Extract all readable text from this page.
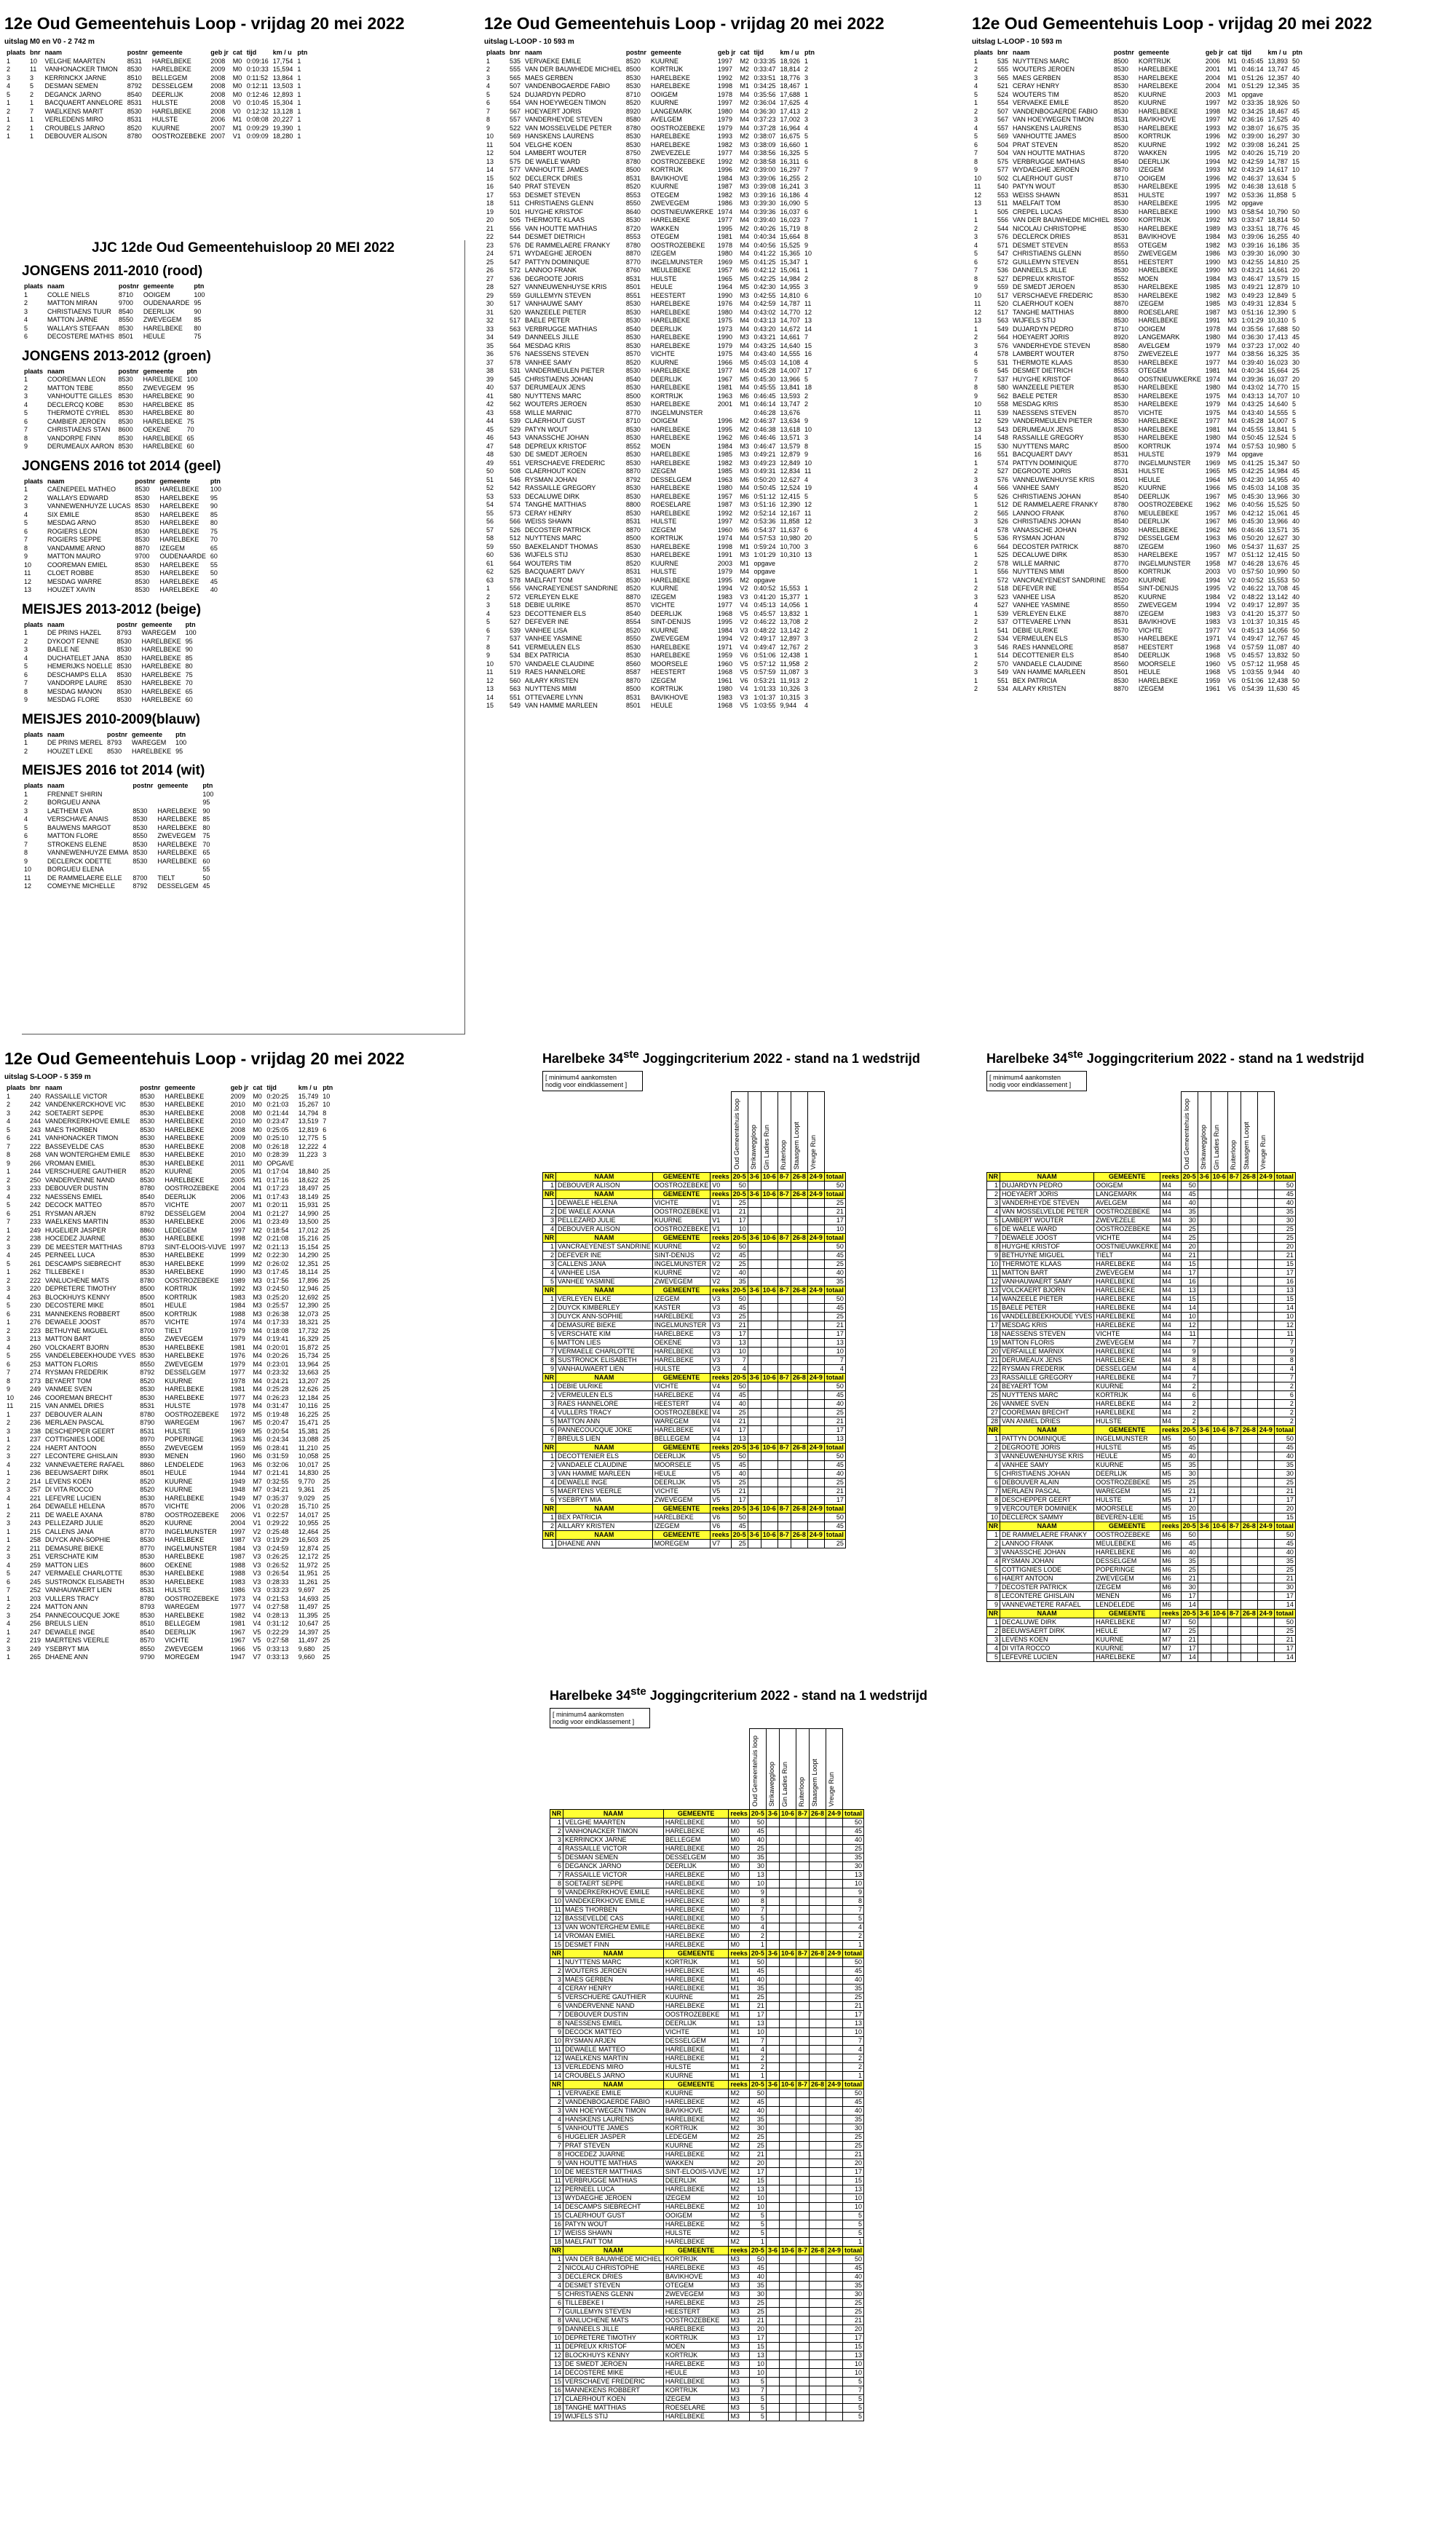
12e Oud Gemeentehuis Loop - vrijdag 20 mei 2022
uitslag M0 en V0 - 2 742 m
plaats	bnr	naam	postnr	gemeente	geb jr	cat	tijd	km / u	ptn
1	10	VELGHE MAARTEN	8531	HARELBEKE	2008	M0	0:09:16	17,754	1
2	11	VANHONACKER TIMON	8530	HARELBEKE	2009	M0	0:10:33	15,594	1
3	3	KERRINCKX JARNE	8510	BELLEGEM	2008	M0	0:11:52	13,864	1
4	5	DESMAN SEMEN	8792	DESSELGEM	2008	M0	0:12:11	13,503	1
5	2	DEGANCK JARNO	8540	DEERLIJK	2008	M0	0:12:46	12,893	1
1	1	BACQUAERT ANNELORE	8531	HULSTE	2008	V0	0:10:45	15,304	1
2	7	WAELKENS MARIT	8530	HARELBEKE	2008	V0	0:12:32	13,128	1
1	1	VERLEDENS MIRO	8531	HULSTE	2006	M1	0:08:08	20,227	1
2	1	CROUBELS JARNO	8520	KUURNE	2007	M1	0:09:29	19,390	1
1	1	DEBOUVER ALISON	8780	OOSTROZEBEKE	2007	V1	0:09:09	18,280	1
JJC 12de Oud Gemeentehuisloop 20 MEI 2022
JONGENS 2011-2010 (rood)
plaats	naam	postnr	gemeente	ptn
1	COLLE NIELS	8710	OOIGEM	100
2	MATTON MIRAN	9700	OUDENAARDE	95
3	CHRISTIAENS TUUR	8540	DEERLIJK	90
4	MATTON JARNE	8550	ZWEVEGEM	85
5	WALLAYS STEFAAN	8530	HARELBEKE	80
6	DECOSTERE MATHIS	8501	HEULE	75
JONGENS 2013-2012 (groen)
plaats	naam	postnr	gemeente	ptn
1	COOREMAN LEON	8530	HARELBEKE	100
2	MATTON TEBE	8550	ZWEVEGEM	95
3	VANHOUTTE GILLES	8530	HARELBEKE	90
4	DECLERCQ KOBE	8530	HARELBEKE	85
5	THERMOTE CYRIEL	8530	HARELBEKE	80
6	CAMBIER JEROEN	8530	HARELBEKE	75
7	CHRISTIAENS STAN	8600	OEKENE	70
8	VANDORPE FINN	8530	HARELBEKE	65
9	DERUMEAUX AARON	8530	HARELBEKE	60
JONGENS 2016 tot 2014 (geel)
plaats	naam	postnr	gemeente	ptn
1	CAENEPEEL MATHEO	8530	HARELBEKE	100
2	WALLAYS EDWARD	8530	HARELBEKE	95
3	VANNEWENHUYZE LUCAS	8530	HARELBEKE	90
4	SIX EMILE	8530	HARELBEKE	85
5	MESDAG ARNO	8530	HARELBEKE	80
6	ROGIERS LEON	8530	HARELBEKE	75
7	ROGIERS SEPPE	8530	HARELBEKE	70
8	VANDAMME ARNO	8870	IZEGEM	65
9	MATTON MAURO	9700	OUDENAARDE	60
10	COOREMAN EMIEL	8530	HARELBEKE	55
11	CLOET ROBBE	8530	HARELBEKE	50
12	MESDAG WARRE	8530	HARELBEKE	45
13	HOUZET XAVIN	8530	HARELBEKE	40
MEISJES 2013-2012 (beige)
plaats	naam	postnr	gemeente	ptn
1	DE PRINS HAZEL	8793	WAREGEM	100
2	DYKOOT FENNE	8530	HARELBEKE	95
3	BAELE NE	8530	HARELBEKE	90
4	DUCHATELET JANA	8530	HARELBEKE	85
5	HEMERIJKS NOELLE	8530	HARELBEKE	80
6	DESCHAMPS ELLA	8530	HARELBEKE	75
7	VANDORPE LAURE	8530	HARELBEKE	70
8	MESDAG MANON	8530	HARELBEKE	65
9	MESDAG FLORE	8530	HARELBEKE	60
MEISJES 2010-2009(blauw)
plaats	naam	postnr	gemeente	ptn
1	DE PRINS MEREL	8793	WAREGEM	100
2	HOUZET LEKE	8530	HARELBEKE	95
MEISJES 2016 tot 2014 (wit)
plaats	naam	postnr	gemeente	ptn
1	FRENNET SHIRIN			100
2	BORGUEU ANNA			95
3	LAETHEM EVA	8530	HARELBEKE	90
4	VERSCHAVE ANAIS	8530	HARELBEKE	85
5	BAUWENS MARGOT	8530	HARELBEKE	80
6	MATTON FLORE	8550	ZWEVEGEM	75
7	STROKENS ELENE	8530	HARELBEKE	70
8	VANNEWENHUYZE EMMA	8530	HARELBEKE	65
9	DECLERCK ODETTE	8530	HARELBEKE	60
10	BORGUEU ELENA			55
11	DE RAMMELAERE ELLE	8700	TIELT	50
12	COMEYNE MICHELLE	8792	DESSELGEM	45
12e Oud Gemeentehuis Loop - vrijdag 20 mei 2022
uitslag L-LOOP - 10 593 m
plaats	bnr	naam	postnr	gemeente	geb jr	cat	tijd	km / u	ptn
1	535	VERVAEKE EMILE	8520	KUURNE	1997	M2	0:33:35	18,926	1
2	555	VAN DER BAUWHEDE MICHIEL	8500	KORTRIJK	1997	M2	0:33:47	18,814	2
3	565	MAES GERBEN	8530	HARELBEKE	1992	M2	0:33:51	18,776	3
4	507	VANDENBOGAERDE FABIO	8530	HARELBEKE	1998	M1	0:34:25	18,467	1
5	524	DUJARDYN PEDRO	8710	OOIGEM	1978	M4	0:35:56	17,688	1
6	554	VAN HOEYWEGEN TIMON	8520	KUURNE	1997	M2	0:36:04	17,625	4
7	567	HOEYAERT JORIS	8920	LANGEMARK	1980	M4	0:36:30	17,413	2
8	557	VANDERHEYDE STEVEN	8580	AVELGEM	1979	M4	0:37:23	17,002	3
9	522	VAN MOSSELVELDE PETER	8780	OOSTROZEBEKE	1979	M4	0:37:28	16,964	4
10	569	HANSKENS LAURENS	8530	HARELBEKE	1993	M2	0:38:07	16,675	5
11	504	VELGHE KOEN	8530	HARELBEKE	1982	M3	0:38:09	16,660	1
12	504	LAMBERT WOUTER	8750	ZWEVEZELE	1977	M4	0:38:56	16,325	5
13	575	DE WAELE WARD	8780	OOSTROZEBEKE	1992	M2	0:38:58	16,311	6
14	577	VANHOUTTE JAMES	8500	KORTRIJK	1996	M2	0:39:00	16,297	7
15	502	DECLERCK DRIES	8531	BAVIKHOVE	1984	M3	0:39:06	16,255	2
16	540	PRAT STEVEN	8520	KUURNE	1987	M3	0:39:08	16,241	3
17	553	DESMET STEVEN	8553	OTEGEM	1982	M3	0:39:16	16,186	4
18	511	CHRISTIAENS GLENN	8550	ZWEVEGEM	1986	M3	0:39:30	16,090	5
19	501	HUYGHE KRISTOF	8640	OOSTNIEUWKERKE	1974	M4	0:39:36	16,037	6
20	505	THERMOTE KLAAS	8530	HARELBEKE	1977	M4	0:39:40	16,023	7
21	556	VAN HOUTTE MATHIAS	8720	WAKKEN	1995	M2	0:40:26	15,719	8
22	544	DESMET DIETRICH	8553	OTEGEM	1981	M4	0:40:34	15,664	8
23	576	DE RAMMELAERE FRANKY	8780	OOSTROZEBEKE	1978	M4	0:40:56	15,525	9
24	571	WYDAEGHE JEROEN	8870	IZEGEM	1980	M4	0:41:22	15,365	10
25	547	PATTYN DOMINIQUE	8770	INGELMUNSTER	1969	M5	0:41:25	15,347	1
26	572	LANNOO FRANK	8760	MEULEBEKE	1957	M6	0:42:12	15,061	1
27	536	DEGROOTE JORIS	8531	HULSTE	1965	M5	0:42:25	14,984	2
28	527	VANNEUWENHUYSE KRIS	8501	HEULE	1964	M5	0:42:30	14,955	3
29	559	GUILLEMYN STEVEN	8551	HEESTERT	1990	M3	0:42:55	14,810	6
30	517	VANHAUWE SAMY	8530	HARELBEKE	1976	M4	0:42:59	14,787	11
31	520	WANZEELE PIETER	8530	HARELBEKE	1980	M4	0:43:02	14,770	12
32	517	BAELE PETER	8530	HARELBEKE	1975	M4	0:43:13	14,707	13
33	563	VERBRUGGE MATHIAS	8540	DEERLIJK	1973	M4	0:43:20	14,672	14
34	549	DANNEELS JILLE	8530	HARELBEKE	1990	M3	0:43:21	14,661	7
35	564	MESDAG KRIS	8530	HARELBEKE	1979	M4	0:43:25	14,640	15
36	576	NAESSENS STEVEN	8570	VICHTE	1975	M4	0:43:40	14,555	16
37	578	VANHEE SAMY	8520	KUURNE	1966	M5	0:45:03	14,108	4
38	531	VANDERMEULEN PIETER	8530	HARELBEKE	1977	M4	0:45:28	14,007	17
39	545	CHRISTIAENS JOHAN	8540	DEERLIJK	1967	M5	0:45:30	13,966	5
40	537	DERUMEAUX JENS	8530	HARELBEKE	1981	M4	0:45:55	13,841	18
41	580	NUYTTENS MARC	8500	KORTRIJK	1963	M6	0:46:45	13,593	2
42	562	WOUTERS JEROEN	8530	HARELBEKE	2001	M1	0:46:14	13,747	2
43	558	WILLE MARNIC	8770	INGELMUNSTER			0:46:28	13,676	
44	539	CLAERHOUT GUST	8710	OOIGEM	1996	M2	0:46:37	13,634	9
45	529	PATYN WOUT	8530	HARELBEKE	1995	M2	0:46:38	13,618	10
46	543	VANASSCHE JOHAN	8530	HARELBEKE	1962	M6	0:46:46	13,571	3
47	548	DEPREUX KRISTOF	8552	MOEN	1984	M3	0:46:47	13,579	8
48	530	DE SMEDT JEROEN	8530	HARELBEKE	1985	M3	0:49:21	12,879	9
49	551	VERSCHAEVE FREDERIC	8530	HARELBEKE	1982	M3	0:49:23	12,849	10
50	508	CLAERHOUT KOEN	8870	IZEGEM	1985	M3	0:49:31	12,834	11
51	546	RYSMAN JOHAN	8792	DESSELGEM	1963	M6	0:50:20	12,627	4
52	542	RASSAILLE GREGORY	8530	HARELBEKE	1980	M4	0:50:45	12,524	19
53	533	DECALUWE DIRK	8530	HARELBEKE	1957	M6	0:51:12	12,415	5
54	574	TANGHE MATTHIAS	8800	ROESELARE	1987	M3	0:51:16	12,390	12
55	573	CERAY HENRY	8530	HARELBEKE	1992	M2	0:52:14	12,167	11
56	566	WEISS SHAWN	8531	HULSTE	1997	M2	0:53:36	11,858	12
57	526	DECOSTER PATRICK	8870	IZEGEM	1960	M6	0:54:37	11,637	6
58	512	NUYTTENS MARC	8500	KORTRIJK	1974	M4	0:57:53	10,980	20
59	550	BAEKELANDT THOMAS	8530	HARELBEKE	1998	M1	0:59:24	10,700	3
60	536	WIJFELS STIJ	8530	HARELBEKE	1991	M3	1:01:29	10,310	13
61	564	WOUTERS TIM	8520	KUURNE	2003	M1	opgave		
62	525	BACQUAERT DAVY	8531	HULSTE	1979	M4	opgave		
63	578	MAELFAIT TOM	8530	HARELBEKE	1995	M2	opgave		
1	556	VANCRAEYENEST SANDRINE	8520	KUURNE	1994	V2	0:40:52	15,553	1
2	572	VERLEYEN ELKE	8870	IZEGEM	1983	V3	0:41:20	15,377	1
3	518	DEBIE ULRIKE	8570	VICHTE	1977	V4	0:45:13	14,056	1
4	523	DECOTTENIER ELS	8540	DEERLIJK	1968	V5	0:45:57	13,832	1
5	527	DEFEVER INE	8554	SINT-DENIJS	1995	V2	0:46:22	13,708	2
6	539	VANHEE LISA	8520	KUURNE	1984	V3	0:48:22	13,142	2
7	537	VANHEE YASMINE	8550	ZWEVEGEM	1994	V2	0:49:17	12,897	3
8	541	VERMEULEN ELS	8530	HARELBEKE	1971	V4	0:49:47	12,767	2
9	534	BEX PATRICIA	8530	HARELBEKE	1959	V6	0:51:06	12,438	1
10	570	VANDAELE CLAUDINE	8560	MOORSELE	1960	V5	0:57:12	11,958	2
11	519	RAES HANNELORE	8587	HEESTERT	1968	V5	0:57:59	11,087	3
12	560	AILARY KRISTEN	8870	IZEGEM	1961	V6	0:53:21	11,913	2
13	563	NUYTTENS MIMI	8500	KORTRIJK	1980	V4	1:01:33	10,326	3
14	551	OTTEVAERE LYNN	8531	BAVIKHOVE	1983	V3	1:01:37	10,315	3
15	549	VAN HAMME MARLEEN	8501	HEULE	1968	V5	1:03:55	9,944	4
12e Oud Gemeentehuis Loop - vrijdag 20 mei 2022
uitslag L-LOOP - 10 593 m
plaats	bnr	naam	postnr	gemeente	geb jr	cat	tijd	km / u	ptn
1	535	NUYTTENS MARC	8500	KORTRIJK	2006	M1	0:45:45	13,893	50
2	555	WOUTERS JEROEN	8530	HARELBEKE	2001	M1	0:46:14	13,747	45
3	565	MAES GERBEN	8530	HARELBEKE	2004	M1	0:51:26	12,357	40
4	521	CERAY HENRY	8530	HARELBEKE	2004	M1	0:51:29	12,345	35
5	524	WOUTERS TIM	8520	KUURNE	2003	M1	opgave		
1	554	VERVAEKE EMILE	8520	KUURNE	1997	M2	0:33:35	18,926	50
2	507	VANDENBOGAERDE FABIO	8530	HARELBEKE	1998	M2	0:34:25	18,467	45
3	567	VAN HOEYWEGEN TIMON	8531	BAVIKHOVE	1997	M2	0:36:16	17,525	40
4	557	HANSKENS LAURENS	8530	HARELBEKE	1993	M2	0:38:07	16,675	35
5	569	VANHOUTTE JAMES	8500	KORTRIJK	1996	M2	0:39:00	16,297	30
6	504	PRAT STEVEN	8520	KUURNE	1992	M2	0:39:08	16,241	25
7	504	VAN HOUTTE MATHIAS	8720	WAKKEN	1995	M2	0:40:26	15,719	20
8	575	VERBRUGGE MATHIAS	8540	DEERLIJK	1994	M2	0:42:59	14,787	15
9	577	WYDAEGHE JEROEN	8870	IZEGEM	1993	M2	0:43:29	14,617	10
10	502	CLAERHOUT GUST	8710	OOIGEM	1996	M2	0:46:37	13,634	5
11	540	PATYN WOUT	8530	HARELBEKE	1995	M2	0:46:38	13,618	5
12	553	WEISS SHAWN	8531	HULSTE	1997	M2	0:53:36	11,858	5
13	511	MAELFAIT TOM	8530	HARELBEKE	1995	M2	opgave		
1	505	CREPEL LUCAS	8530	HARELBEKE	1990	M3	0:58:54	10,790	50
1	556	VAN DER BAUWHEDE MICHIEL	8500	KORTRIJK	1992	M3	0:33:47	18,814	50
2	544	NICOLAU CHRISTOPHE	8530	HARELBEKE	1989	M3	0:33:51	18,776	45
3	576	DECLERCK DRIES	8531	BAVIKHOVE	1984	M3	0:39:06	16,255	40
4	571	DESMET STEVEN	8553	OTEGEM	1982	M3	0:39:16	16,186	35
5	547	CHRISTIAENS GLENN	8550	ZWEVEGEM	1986	M3	0:39:30	16,090	30
6	572	GUILLEMYN STEVEN	8551	HEESTERT	1990	M3	0:42:55	14,810	25
7	536	DANNEELS JILLE	8530	HARELBEKE	1990	M3	0:43:21	14,661	20
8	527	DEPREUX KRISTOF	8552	MOEN	1984	M3	0:46:47	13,579	15
9	559	DE SMEDT JEROEN	8530	HARELBEKE	1985	M3	0:49:21	12,879	10
10	517	VERSCHAEVE FREDERIC	8530	HARELBEKE	1982	M3	0:49:23	12,849	5
11	520	CLAERHOUT KOEN	8870	IZEGEM	1985	M3	0:49:31	12,834	5
12	517	TANGHE MATTHIAS	8800	ROESELARE	1987	M3	0:51:16	12,390	5
13	563	WIJFELS STIJ	8530	HARELBEKE	1991	M3	1:01:29	10,310	5
1	549	DUJARDYN PEDRO	8710	OOIGEM	1978	M4	0:35:56	17,688	50
2	564	HOEYAERT JORIS	8920	LANGEMARK	1980	M4	0:36:30	17,413	45
3	576	VANDERHEYDE STEVEN	8580	AVELGEM	1979	M4	0:37:23	17,002	40
4	578	LAMBERT WOUTER	8750	ZWEVEZELE	1977	M4	0:38:56	16,325	35
5	531	THERMOTE KLAAS	8530	HARELBEKE	1977	M4	0:39:40	16,023	30
6	545	DESMET DIETRICH	8553	OTEGEM	1981	M4	0:40:34	15,664	25
7	537	HUYGHE KRISTOF	8640	OOSTNIEUWKERKE	1974	M4	0:39:36	16,037	20
8	580	WANZEELE PIETER	8530	HARELBEKE	1980	M4	0:43:02	14,770	15
9	562	BAELE PETER	8530	HARELBEKE	1975	M4	0:43:13	14,707	10
10	558	MESDAG KRIS	8530	HARELBEKE	1979	M4	0:43:25	14,640	5
11	539	NAESSENS STEVEN	8570	VICHTE	1975	M4	0:43:40	14,555	5
12	529	VANDERMEULEN PIETER	8530	HARELBEKE	1977	M4	0:45:28	14,007	5
13	543	DERUMEAUX JENS	8530	HARELBEKE	1981	M4	0:45:55	13,841	5
14	548	RASSAILLE GREGORY	8530	HARELBEKE	1980	M4	0:50:45	12,524	5
15	530	NUYTTENS MARC	8500	KORTRIJK	1974	M4	0:57:53	10,980	5
16	551	BACQUAERT DAVY	8531	HULSTE	1979	M4	opgave		
1	574	PATTYN DOMINIQUE	8770	INGELMUNSTER	1969	M5	0:41:25	15,347	50
2	527	DEGROOTE JORIS	8531	HULSTE	1965	M5	0:42:25	14,984	45
3	576	VANNEUWENHUYSE KRIS	8501	HEULE	1964	M5	0:42:30	14,955	40
4	566	VANHEE SAMY	8520	KUURNE	1966	M5	0:45:03	14,108	35
5	526	CHRISTIAENS JOHAN	8540	DEERLIJK	1967	M5	0:45:30	13,966	30
1	512	DE RAMMELAERE FRANKY	8780	OOSTROZEBEKE	1962	M6	0:40:56	15,525	50
2	565	LANNOO FRANK	8760	MEULEBEKE	1957	M6	0:42:12	15,061	45
3	526	CHRISTIAENS JOHAN	8540	DEERLIJK	1967	M6	0:45:30	13,966	40
4	578	VANASSCHE JOHAN	8530	HARELBEKE	1962	M6	0:46:46	13,571	35
5	536	RYSMAN JOHAN	8792	DESSELGEM	1963	M6	0:50:20	12,627	30
6	564	DECOSTER PATRICK	8870	IZEGEM	1960	M6	0:54:37	11,637	25
1	525	DECALUWE DIRK	8530	HARELBEKE	1957	M7	0:51:12	12,415	50
2	578	WILLE MARNIC	8770	INGELMUNSTER	1958	M7	0:46:28	13,676	45
1	556	NUYTTENS MIMI	8500	KORTRIJK	2003	V0	0:57:50	10,990	50
1	572	VANCRAEYENEST SANDRINE	8520	KUURNE	1994	V2	0:40:52	15,553	50
2	518	DEFEVER INE	8554	SINT-DENIJS	1995	V2	0:46:22	13,708	45
3	523	VANHEE LISA	8520	KUURNE	1984	V2	0:48:22	13,142	40
4	527	VANHEE YASMINE	8550	ZWEVEGEM	1994	V2	0:49:17	12,897	35
1	539	VERLEYEN ELKE	8870	IZEGEM	1983	V3	0:41:20	15,377	50
2	537	OTTEVAERE LYNN	8531	BAVIKHOVE	1983	V3	1:01:37	10,315	45
1	541	DEBIE ULRIKE	8570	VICHTE	1977	V4	0:45:13	14,056	50
2	534	VERMEULEN ELS	8530	HARELBEKE	1971	V4	0:49:47	12,767	45
3	546	RAES HANNELORE	8587	HEESTERT	1968	V4	0:57:59	11,087	40
1	514	DECOTTENIER ELS	8540	DEERLIJK	1968	V5	0:45:57	13,832	50
2	570	VANDAELE CLAUDINE	8560	MOORSELE	1960	V5	0:57:12	11,958	45
3	549	VAN HAMME MARLEEN	8501	HEULE	1968	V5	1:03:55	9,944	40
1	551	BEX PATRICIA	8530	HARELBEKE	1959	V6	0:51:06	12,438	50
2	534	AILARY KRISTEN	8870	IZEGEM	1961	V6	0:54:39	11,630	45
12e Oud Gemeentehuis Loop - vrijdag 20 mei 2022
uitslag S-LOOP - 5 359 m
plaats	bnr	naam	postnr	gemeente	geb jr	cat	tijd	km / u	ptn
1	240	RASSAILLE VICTOR	8530	HARELBEKE	2009	M0	0:20:25	15,749	10
2	242	VANDENKERCKHOVE VIC	8530	HARELBEKE	2010	M0	0:21:03	15,267	10
3	242	SOETAERT SEPPE	8530	HARELBEKE	2008	M0	0:21:44	14,794	8
4	244	VANDERKERKHOVE EMILE	8530	HARELBEKE	2010	M0	0:23:47	13,519	7
5	243	MAES THORBEN	8530	HARELBEKE	2008	M0	0:25:05	12,819	6
6	241	VANHONACKER TIMON	8530	HARELBEKE	2009	M0	0:25:10	12,775	5
7	222	BASSEVELDE CAS	8530	HARELBEKE	2008	M0	0:26:18	12,222	4
8	268	VAN WONTERGHEM EMILE	8530	HARELBEKE	2010	M0	0:28:39	11,223	3
9	266	VROMAN EMIEL	8530	HARELBEKE	2011	M0	OPGAVE		
1	244	VERSCHUERE GAUTHIER	8520	KUURNE	2005	M1	0:17:04	18,840	25
2	250	VANDERVENNE NAND	8530	HARELBEKE	2005	M1	0:17:16	18,622	25
3	233	DEBOUVER DUSTIN	8780	OOSTROZEBEKE	2004	M1	0:17:23	18,497	25
4	232	NAESSENS EMIEL	8540	DEERLIJK	2006	M1	0:17:43	18,149	25
5	242	DECOCK MATTEO	8570	VICHTE	2007	M1	0:20:11	15,931	25
6	251	RYSMAN ARJEN	8792	DESSELGEM	2004	M1	0:21:27	14,990	25
7	233	WAELKENS MARTIN	8530	HARELBEKE	2006	M1	0:23:49	13,500	25
1	249	HUGELIER JASPER	8860	LEDEGEM	1997	M2	0:18:54	17,012	25
2	238	HOCEDEZ JUARNE	8530	HARELBEKE	1998	M2	0:21:08	15,216	25
3	239	DE MEESTER MATTHIAS	8793	SINT-ELOOIS-VIJVE	1997	M2	0:21:13	15,154	25
4	245	PERNEEL LUCA	8530	HARELBEKE	1999	M2	0:22:30	14,290	25
5	261	DESCAMPS SIEBRECHT	8530	HARELBEKE	1999	M2	0:26:02	12,351	25
1	262	TILLEBEKE I	8530	HARELBEKE	1990	M3	0:17:45	18,114	25
2	222	VANLUCHENE MATS	8780	OOSTROZEBEKE	1989	M3	0:17:56	17,896	25
3	220	DEPRETERE TIMOTHY	8500	KORTRIJK	1992	M3	0:24:50	12,946	25
4	263	BLOCKHUYS KENNY	8500	KORTRIJK	1983	M3	0:25:20	12,692	25
5	230	DECOSTERE MIKE	8501	HEULE	1984	M3	0:25:57	12,390	25
6	231	MANNEKENS ROBBERT	8500	KORTRIJK	1988	M3	0:26:38	12,073	25
1	276	DEWAELE JOOST	8570	VICHTE	1974	M4	0:17:33	18,321	25
2	223	BETHUYNE MIGUEL	8700	TIELT	1979	M4	0:18:08	17,732	25
3	213	MATTON BART	8550	ZWEVEGEM	1979	M4	0:19:41	16,329	25
4	260	VOLCKAERT BJORN	8530	HARELBEKE	1981	M4	0:20:01	15,872	25
5	255	VANDELEBEEKHOUDE YVES	8530	HARELBEKE	1976	M4	0:20:26	15,734	25
6	253	MATTON FLORIS	8550	ZWEVEGEM	1979	M4	0:23:01	13,964	25
7	274	RYSMAN FREDERIK	8792	DESSELGEM	1977	M4	0:23:32	13,663	25
8	273	BEYAERT TOM	8520	KUURNE	1978	M4	0:24:21	13,207	25
9	249	VANMEE SVEN	8530	HARELBEKE	1981	M4	0:25:28	12,626	25
10	246	COOREMAN BRECHT	8530	HARELBEKE	1977	M4	0:26:23	12,184	25
11	215	VAN ANMEL DRIES	8531	HULSTE	1978	M4	0:31:47	10,116	25
1	237	DEBOUVER ALAIN	8780	OOSTROZEBEKE	1972	M5	0:19:48	16,225	25
2	236	MERLAEN PASCAL	8790	WAREGEM	1967	M5	0:20:47	15,471	25
3	238	DESCHEPPER GEERT	8531	HULSTE	1969	M5	0:20:54	15,381	25
1	237	COTTIGNIES LODE	8970	POPERINGE	1963	M6	0:24:34	13,088	25
2	224	HAERT ANTOON	8550	ZWEVEGEM	1959	M6	0:28:41	11,210	25
3	227	LECONTERE GHISLAIN	8930	MENEN	1960	M6	0:31:59	10,058	25
4	232	VANNEVAETERE RAFAEL	8860	LENDELEDE	1963	M6	0:32:06	10,017	25
1	236	BEEUWSAERT DIRK	8501	HEULE	1944	M7	0:21:41	14,830	25
2	214	LEVENS KOEN	8520	KUURNE	1949	M7	0:32:55	9,770	25
3	257	DI VITA ROCCO	8520	KUURNE	1948	M7	0:34:21	9,361	25
4	221	LEFEVRE LUCIEN	8530	HARELBEKE	1949	M7	0:35:37	9,029	25
1	264	DEWAELE HELENA	8570	VICHTE	2006	V1	0:20:28	15,710	25
2	211	DE WAELE AXANA	8780	OOSTROZEBEKE	2006	V1	0:22:57	14,017	25
3	243	PELLEZARD JULIE	8520	KUURNE	2004	V1	0:29:22	10,955	25
1	215	CALLENS JANA	8770	INGELMUNSTER	1997	V2	0:25:48	12,464	25
1	258	DUYCK ANN-SOPHIE	8530	HARELBEKE	1987	V3	0:19:29	16,503	25
2	211	DEMASURE BIEKE	8770	INGELMUNSTER	1984	V3	0:24:59	12,874	25
3	251	VERSCHATE KIM	8530	HARELBEKE	1987	V3	0:26:25	12,172	25
4	259	MATTON LIES	8600	OEKENE	1988	V3	0:26:52	11,972	25
5	247	VERMAELE CHARLOTTE	8530	HARELBEKE	1988	V3	0:26:54	11,951	25
6	245	SUSTRONCK ELISABETH	8530	HARELBEKE	1983	V3	0:28:33	11,261	25
7	252	VANHAUWAERT LIEN	8531	HULSTE	1986	V3	0:33:23	9,697	25
1	203	VULLERS TRACY	8780	OOSTROZEBEKE	1973	V4	0:21:53	14,693	25
2	224	MATTON ANN	8793	WAREGEM	1977	V4	0:27:58	11,497	25
3	254	PANNECOUCQUE JOKE	8530	HARELBEKE	1982	V4	0:28:13	11,395	25
4	256	BREULS LIEN	8510	BELLEGEM	1981	V4	0:31:12	10,647	25
1	247	DEWAELE INGE	8540	DEERLIJK	1967	V5	0:22:29	14,397	25
2	219	MAERTENS VEERLE	8570	VICHTE	1967	V5	0:27:58	11,497	25
3	249	YSEBRYT MIA	8550	ZWEVEGEM	1966	V5	0:33:13	9,680	25
1	265	DHAENE ANN	9790	MOREGEM	1947	V7	0:33:13	9,660	25
Harelbeke 34ste Joggingcriterium 2022 - stand na 1 wedstrijd
[ minimum4 aankomsten
nodig voor eindklassement ]
				Oud Gemeentehuis loop	Strikaweggloop	Gin Ladies Run	Ruiterloop	Staasgem Loopt	Vreuge Run	
NR	NAAM	GEMEENTE	reeks	20-5	3-6	10-6	8-7	26-8	24-9	totaal
1	DEBOUVER ALISON	OOSTROZEBEKE	V0	50						50
NR	NAAM	GEMEENTE	reeks	20-5	3-6	10-6	8-7	26-8	24-9	totaal
1	DEWAELE HELENA	VICHTE	V1	25						25
2	DE WAELE AXANA	OOSTROZEBEKE	V1	21						21
3	PELLEZARD JULIE	KUURNE	V1	17						17
4	DEBOUVER ALISON	OOSTROZEBEKE	V1	10						10
NR	NAAM	GEMEENTE	reeks	20-5	3-6	10-6	8-7	26-8	24-9	totaal
1	VANCRAEYENEST SANDRINE	KUURNE	V2	50						50
2	DEFEVER INE	SINT-DENIJS	V2	45						45
3	CALLENS JANA	INGELMUNSTER	V2	25						25
4	VANHEE LISA	KUURNE	V2	40						40
5	VANHEE YASMINE	ZWEVEGEM	V2	35						35
NR	NAAM	GEMEENTE	reeks	20-5	3-6	10-6	8-7	26-8	24-9	totaal
1	VERLEYEN ELKE	IZEGEM	V3	50						50
2	DUYCK KIMBERLEY	KASTER	V3	45						45
3	DUYCK ANN-SOPHIE	HARELBEKE	V3	25						25
4	DEMASURE BIEKE	INGELMUNSTER	V3	21						21
5	VERSCHATE KIM	HARELBEKE	V3	17						17
6	MATTON LIES	OEKENE	V3	13						13
7	VERMAELE CHARLOTTE	HARELBEKE	V3	10						10
8	SUSTRONCK ELISABETH	HARELBEKE	V3	7						7
9	VANHAUWAERT LIEN	HULSTE	V3	4						4
NR	NAAM	GEMEENTE	reeks	20-5	3-6	10-6	8-7	26-8	24-9	totaal
1	DEBIE ULRIKE	VICHTE	V4	50						50
2	VERMEULEN ELS	HARELBEKE	V4	45						45
3	RAES HANNELORE	HEESTERT	V4	40						40
4	VULLERS TRACY	OOSTROZEBEKE	V4	25						25
5	MATTON ANN	WAREGEM	V4	21						21
6	PANNECOUCQUE JOKE	HARELBEKE	V4	17						17
7	BREULS LIEN	BELLEGEM	V4	13						13
NR	NAAM	GEMEENTE	reeks	20-5	3-6	10-6	8-7	26-8	24-9	totaal
1	DECOTTENIER ELS	DEERLIJK	V5	50						50
2	VANDAELE CLAUDINE	MOORSELE	V5	45						45
3	VAN HAMME MARLEEN	HEULE	V5	40						40
4	DEWAELE INGE	DEERLIJK	V5	25						25
5	MAERTENS VEERLE	VICHTE	V5	21						21
6	YSEBRYT MIA	ZWEVEGEM	V5	17						17
NR	NAAM	GEMEENTE	reeks	20-5	3-6	10-6	8-7	26-8	24-9	totaal
1	BEX PATRICIA	HARELBEKE	V6	50						50
2	AILLARY KRISTEN	IZEGEM	V6	45						45
NR	NAAM	GEMEENTE	reeks	20-5	3-6	10-6	8-7	26-8	24-9	totaal
1	DHAENE ANN	MOREGEM	V7	25						25
Harelbeke 34ste Joggingcriterium 2022 - stand na 1 wedstrijd
[ minimum4 aankomsten
nodig voor eindklassement ]
				Oud Gemeentehuis loop	Strikaweggloop	Gin Ladies Run	Ruiterloop	Staasgem Loopt	Vreuge Run	
NR	NAAM	GEMEENTE	reeks	20-5	3-6	10-6	8-7	26-8	24-9	totaal
1	DUJARDYN PEDRO	OOIGEM	M4	50						50
2	HOEYAERT JORIS	LANGEMARK	M4	45						45
3	VANDERHEYDE STEVEN	AVELGEM	M4	40						40
4	VAN MOSSELVELDE PETER	OOSTROZEBEKE	M4	35						35
5	LAMBERT WOUTER	ZWEVEZELE	M4	30						30
6	DE WAELE WARD	OOSTROZEBEKE	M4	25						25
7	DEWAELE JOOST	VICHTE	M4	25						25
8	HUYGHE KRISTOF	OOSTNIEUWKERKE	M4	20						20
9	BETHUYNE MIGUEL	TIELT	M4	21						21
10	THERMOTE KLAAS	HARELBEKE	M4	15						15
11	MATTON BART	ZWEVEGEM	M4	17						17
12	VANHAUWAERT SAMY	HARELBEKE	M4	16						16
13	VOLCKAERT BJORN	HARELBEKE	M4	13						13
14	WANZEELE PIETER	HARELBEKE	M4	15						15
15	BAELE PETER	HARELBEKE	M4	14						14
16	VANDELEBEEKHOUDE YVES	HARELBEKE	M4	10						10
17	MESDAG KRIS	HARELBEKE	M4	12						12
18	NAESSENS STEVEN	VICHTE	M4	11						11
19	MATTON FLORIS	ZWEVEGEM	M4	7						7
20	VERFAILLE MARNIX	HARELBEKE	M4	9						9
21	DERUMEAUX JENS	HARELBEKE	M4	8						8
22	RYSMAN FREDERIK	DESSELGEM	M4	4						4
23	RASSAILLE GREGORY	HARELBEKE	M4	7						7
24	BEYAERT TOM	KUURNE	M4	2						2
25	NUYTTENS MARC	KORTRIJK	M4	6						6
26	VANMEE SVEN	HARELBEKE	M4	2						2
27	COOREMAN BRECHT	HARELBEKE	M4	2						2
28	VAN ANMEL DRIES	HULSTE	M4	2						2
NR	NAAM	GEMEENTE	reeks	20-5	3-6	10-6	8-7	26-8	24-9	totaal
1	PATTYN DOMINIQUE	INGELMUNSTER	M5	50						50
2	DEGROOTE JORIS	HULSTE	M5	45						45
3	VANNEUWENHUYSE KRIS	HEULE	M5	40						40
4	VANHEE SAMY	KUURNE	M5	35						35
5	CHRISTIAENS JOHAN	DEERLIJK	M5	30						30
6	DEBOUVER ALAIN	OOSTROZEBEKE	M5	25						25
7	MERLAEN PASCAL	WAREGEM	M5	21						21
8	DESCHEPPER GEERT	HULSTE	M5	17						17
9	VERCOUTER DOMINIEK	MOORSELE	M5	20						20
10	DECLERCK SAMMY	BEVEREN-LEIE	M5	15						15
NR	NAAM	GEMEENTE	reeks	20-5	3-6	10-6	8-7	26-8	24-9	totaal
1	DE RAMMELAERE FRANKY	OOSTROZEBEKE	M6	50						50
2	LANNOO FRANK	MEULEBEKE	M6	45						45
3	VANASSCHE JOHAN	HARELBEKE	M6	40						40
4	RYSMAN JOHAN	DESSELGEM	M6	35						35
5	COTTIGNIES LODE	POPERINGE	M6	25						25
6	HAERT ANTOON	ZWEVEGEM	M6	21						21
7	DECOSTER PATRICK	IZEGEM	M6	30						30
8	LECONTERE GHISLAIN	MENEN	M6	17						17
9	VANNEVAETERE RAFAEL	LENDELEDE	M6	14						14
NR	NAAM	GEMEENTE	reeks	20-5	3-6	10-6	8-7	26-8	24-9	totaal
1	DECALUWE DIRK	HARELBEKE	M7	50						50
2	BEEUWSAERT DIRK	HEULE	M7	25						25
3	LEVENS KOEN	KUURNE	M7	21						21
4	DI VITA ROCCO	KUURNE	M7	17						17
5	LEFEVRE LUCIEN	HARELBEKE	M7	14						14
Harelbeke 34ste Joggingcriterium 2022 - stand na 1 wedstrijd
[ minimum4 aankomsten
nodig voor eindklassement ]
				Oud Gemeentehuis loop	Strikaweggloop	Gin Ladies Run	Ruiterloop	Staasgem Loopt	Vreuge Run	
NR	NAAM	GEMEENTE	reeks	20-5	3-6	10-6	8-7	26-8	24-9	totaal
1	VELGHE MAARTEN	HARELBEKE	M0	50						50
2	VANHONACKER TIMON	HARELBEKE	M0	45						45
3	KERRINCKX JARNE	BELLEGEM	M0	40						40
4	RASSAILLE VICTOR	HARELBEKE	M0	25						25
5	DESMAN SEMEN	DESSELGEM	M0	35						35
6	DEGANCK JARNO	DEERLIJK	M0	30						30
7	RASSAILLE VICTOR	HARELBEKE	M0	13						13
8	SOETAERT SEPPE	HARELBEKE	M0	10						10
9	VANDERKERKHOVE EMILE	HARELBEKE	M0	9						9
10	VANDEKERKHOVE EMILE	HARELBEKE	M0	8						8
11	MAES THORBEN	HARELBEKE	M0	7						7
12	BASSEVELDE CAS	HARELBEKE	M0	5						5
13	VAN WONTERGHEM EMILE	HARELBEKE	M0	4						4
14	VROMAN EMIEL	HARELBEKE	M0	2						2
15	DESMET FINN	HARELBEKE	M0	1						1
NR	NAAM	GEMEENTE	reeks	20-5	3-6	10-6	8-7	26-8	24-9	totaal
1	NUYTTENS MARC	KORTRIJK	M1	50						50
2	WOUTERS JEROEN	HARELBEKE	M1	45						45
3	MAES GERBEN	HARELBEKE	M1	40						40
4	CERAY HENRY	HARELBEKE	M1	35						35
5	VERSCHUERE GAUTHIER	KUURNE	M1	25						25
6	VANDERVENNE NAND	HARELBEKE	M1	21						21
7	DEBOUVER DUSTIN	OOSTROZEBEKE	M1	17						17
8	NAESSENS EMIEL	DEERLIJK	M1	13						13
9	DECOCK MATTEO	VICHTE	M1	10						10
10	RYSMAN ARJEN	DESSELGEM	M1	7						7
11	DEWAELE MATTEO	HARELBEKE	M1	4						4
12	WAELKENS MARTIN	HARELBEKE	M1	2						2
13	VERLEDENS MIRO	HULSTE	M1	2						2
14	CROUBELS JARNO	KUURNE	M1	1						1
NR	NAAM	GEMEENTE	reeks	20-5	3-6	10-6	8-7	26-8	24-9	totaal
1	VERVAEKE EMILE	KUURNE	M2	50						50
2	VANDENBOGAERDE FABIO	HARELBEKE	M2	45						45
3	VAN HOEYWEGEN TIMON	BAVIKHOVE	M2	40						40
4	HANSKENS LAURENS	HARELBEKE	M2	35						35
5	VANHOUTTE JAMES	KORTRIJK	M2	30						30
6	HUGELIER JASPER	LEDEGEM	M2	25						25
7	PRAT STEVEN	KUURNE	M2	25						25
8	HOCEDEZ JUARNE	HARELBEKE	M2	21						21
9	VAN HOUTTE MATHIAS	WAKKEN	M2	20						20
10	DE MEESTER MATTHIAS	SINT-ELOOIS-VIJVE	M2	17						17
11	VERBRUGGE MATHIAS	DEERLIJK	M2	15						15
12	PERNEEL LUCA	HARELBEKE	M2	13						13
13	WYDAEGHE JEROEN	IZEGEM	M2	10						10
14	DESCAMPS SIEBRECHT	HARELBEKE	M2	10						10
15	CLAERHOUT GUST	OOIGEM	M2	5						5
16	PATYN WOUT	HARELBEKE	M2	5						5
17	WEISS SHAWN	HULSTE	M2	5						5
18	MAELFAIT TOM	HARELBEKE	M2	1						1
NR	NAAM	GEMEENTE	reeks	20-5	3-6	10-6	8-7	26-8	24-9	totaal
1	VAN DER BAUWHEDE MICHIEL	KORTRIJK	M3	50						50
2	NICOLAU CHRISTOPHE	HARELBEKE	M3	45						45
3	DECLERCK DRIES	BAVIKHOVE	M3	40						40
4	DESMET STEVEN	OTEGEM	M3	35						35
5	CHRISTIAENS GLENN	ZWEVEGEM	M3	30						30
6	TILLEBEKE I	HARELBEKE	M3	25						25
7	GUILLEMYN STEVEN	HEESTERT	M3	25						25
8	VANLUCHENE MATS	OOSTROZEBEKE	M3	21						21
9	DANNEELS JILLE	HARELBEKE	M3	20						20
10	DEPRETERE TIMOTHY	KORTRIJK	M3	17						17
11	DEPREUX KRISTOF	MOEN	M3	15						15
12	BLOCKHUYS KENNY	KORTRIJK	M3	13						13
13	DE SMEDT JEROEN	HARELBEKE	M3	10						10
14	DECOSTERE MIKE	HEULE	M3	10						10
15	VERSCHAEVE FREDERIC	HARELBEKE	M3	5						5
16	MANNEKENS ROBBERT	KORTRIJK	M3	7						7
17	CLAERHOUT KOEN	IZEGEM	M3	5						5
18	TANGHE MATTHIAS	ROESELARE	M3	5						5
19	WIJFELS STIJ	HARELBEKE	M3	5						5
